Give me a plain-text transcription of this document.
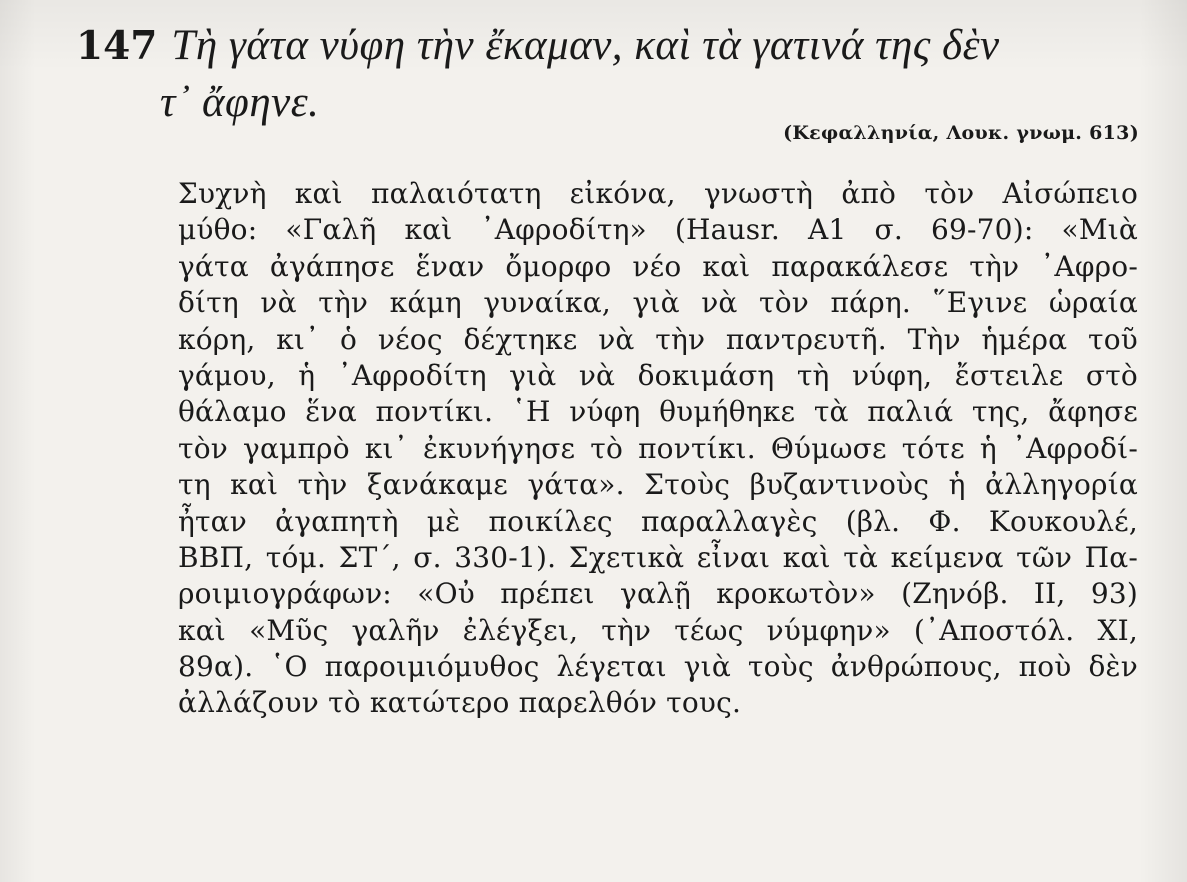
147 Τὴ γάτα νύφη τὴν ἔκαμαν, καὶ τὰ γατινά της δὲν
τ᾽ ἄφηνε.
(Κεφαλληνία, Λουκ. γνωμ. 613)
Συχνὴ καὶ παλαιότατη εἰκόνα, γνωστὴ ἀπὸ τὸν Αἰσώπειο
μύθο: «Γαλῆ καὶ ᾿Αφροδίτη» (Hausr. A1 σ. 69-70): «Μιὰ
γάτα ἀγάπησε ἕναν ὄμορφο νέο καὶ παρακάλεσε τὴν ᾿Αφρο-
δίτη νὰ τὴν κάμη γυναίκα, γιὰ νὰ τὸν πάρη. ῞Εγινε ὡραία
κόρη, κι᾽ ὁ νέος δέχτηκε νὰ τὴν παντρευτῆ. Τὴν ἡμέρα τοῦ
γάμου, ἡ ᾿Αφροδίτη γιὰ νὰ δοκιμάση τὴ νύφη, ἔστειλε στὸ
θάλαμο ἕνα ποντίκι. ῾Η νύφη θυμήθηκε τὰ παλιά της, ἄφησε
τὸν γαμπρὸ κι᾽ ἐκυνήγησε τὸ ποντίκι. Θύμωσε τότε ἡ ᾿Αφροδί-
τη καὶ τὴν ξανάκαμε γάτα». Στοὺς βυζαντινοὺς ἡ ἀλληγορία
ἦταν ἀγαπητὴ μὲ ποικίλες παραλλαγὲς (βλ. Φ. Κουκουλέ,
ΒΒΠ, τόμ. ΣΤ΄, σ. 330-1). Σχετικὰ εἶναι καὶ τὰ κείμενα τῶν Πα-
ροιμιογράφων: «Οὐ πρέπει γαλῇ κροκωτὸν» (Ζηνόβ. II, 93)
καὶ «Μῦς γαλῆν ἐλέγξει, τὴν τέως νύμφην» (᾿Αποστόλ. XI,
89α). ῾Ο παροιμιόμυθος λέγεται γιὰ τοὺς ἀνθρώπους, ποὺ δὲν
ἀλλάζουν τὸ κατώτερο παρελθόν τους.
